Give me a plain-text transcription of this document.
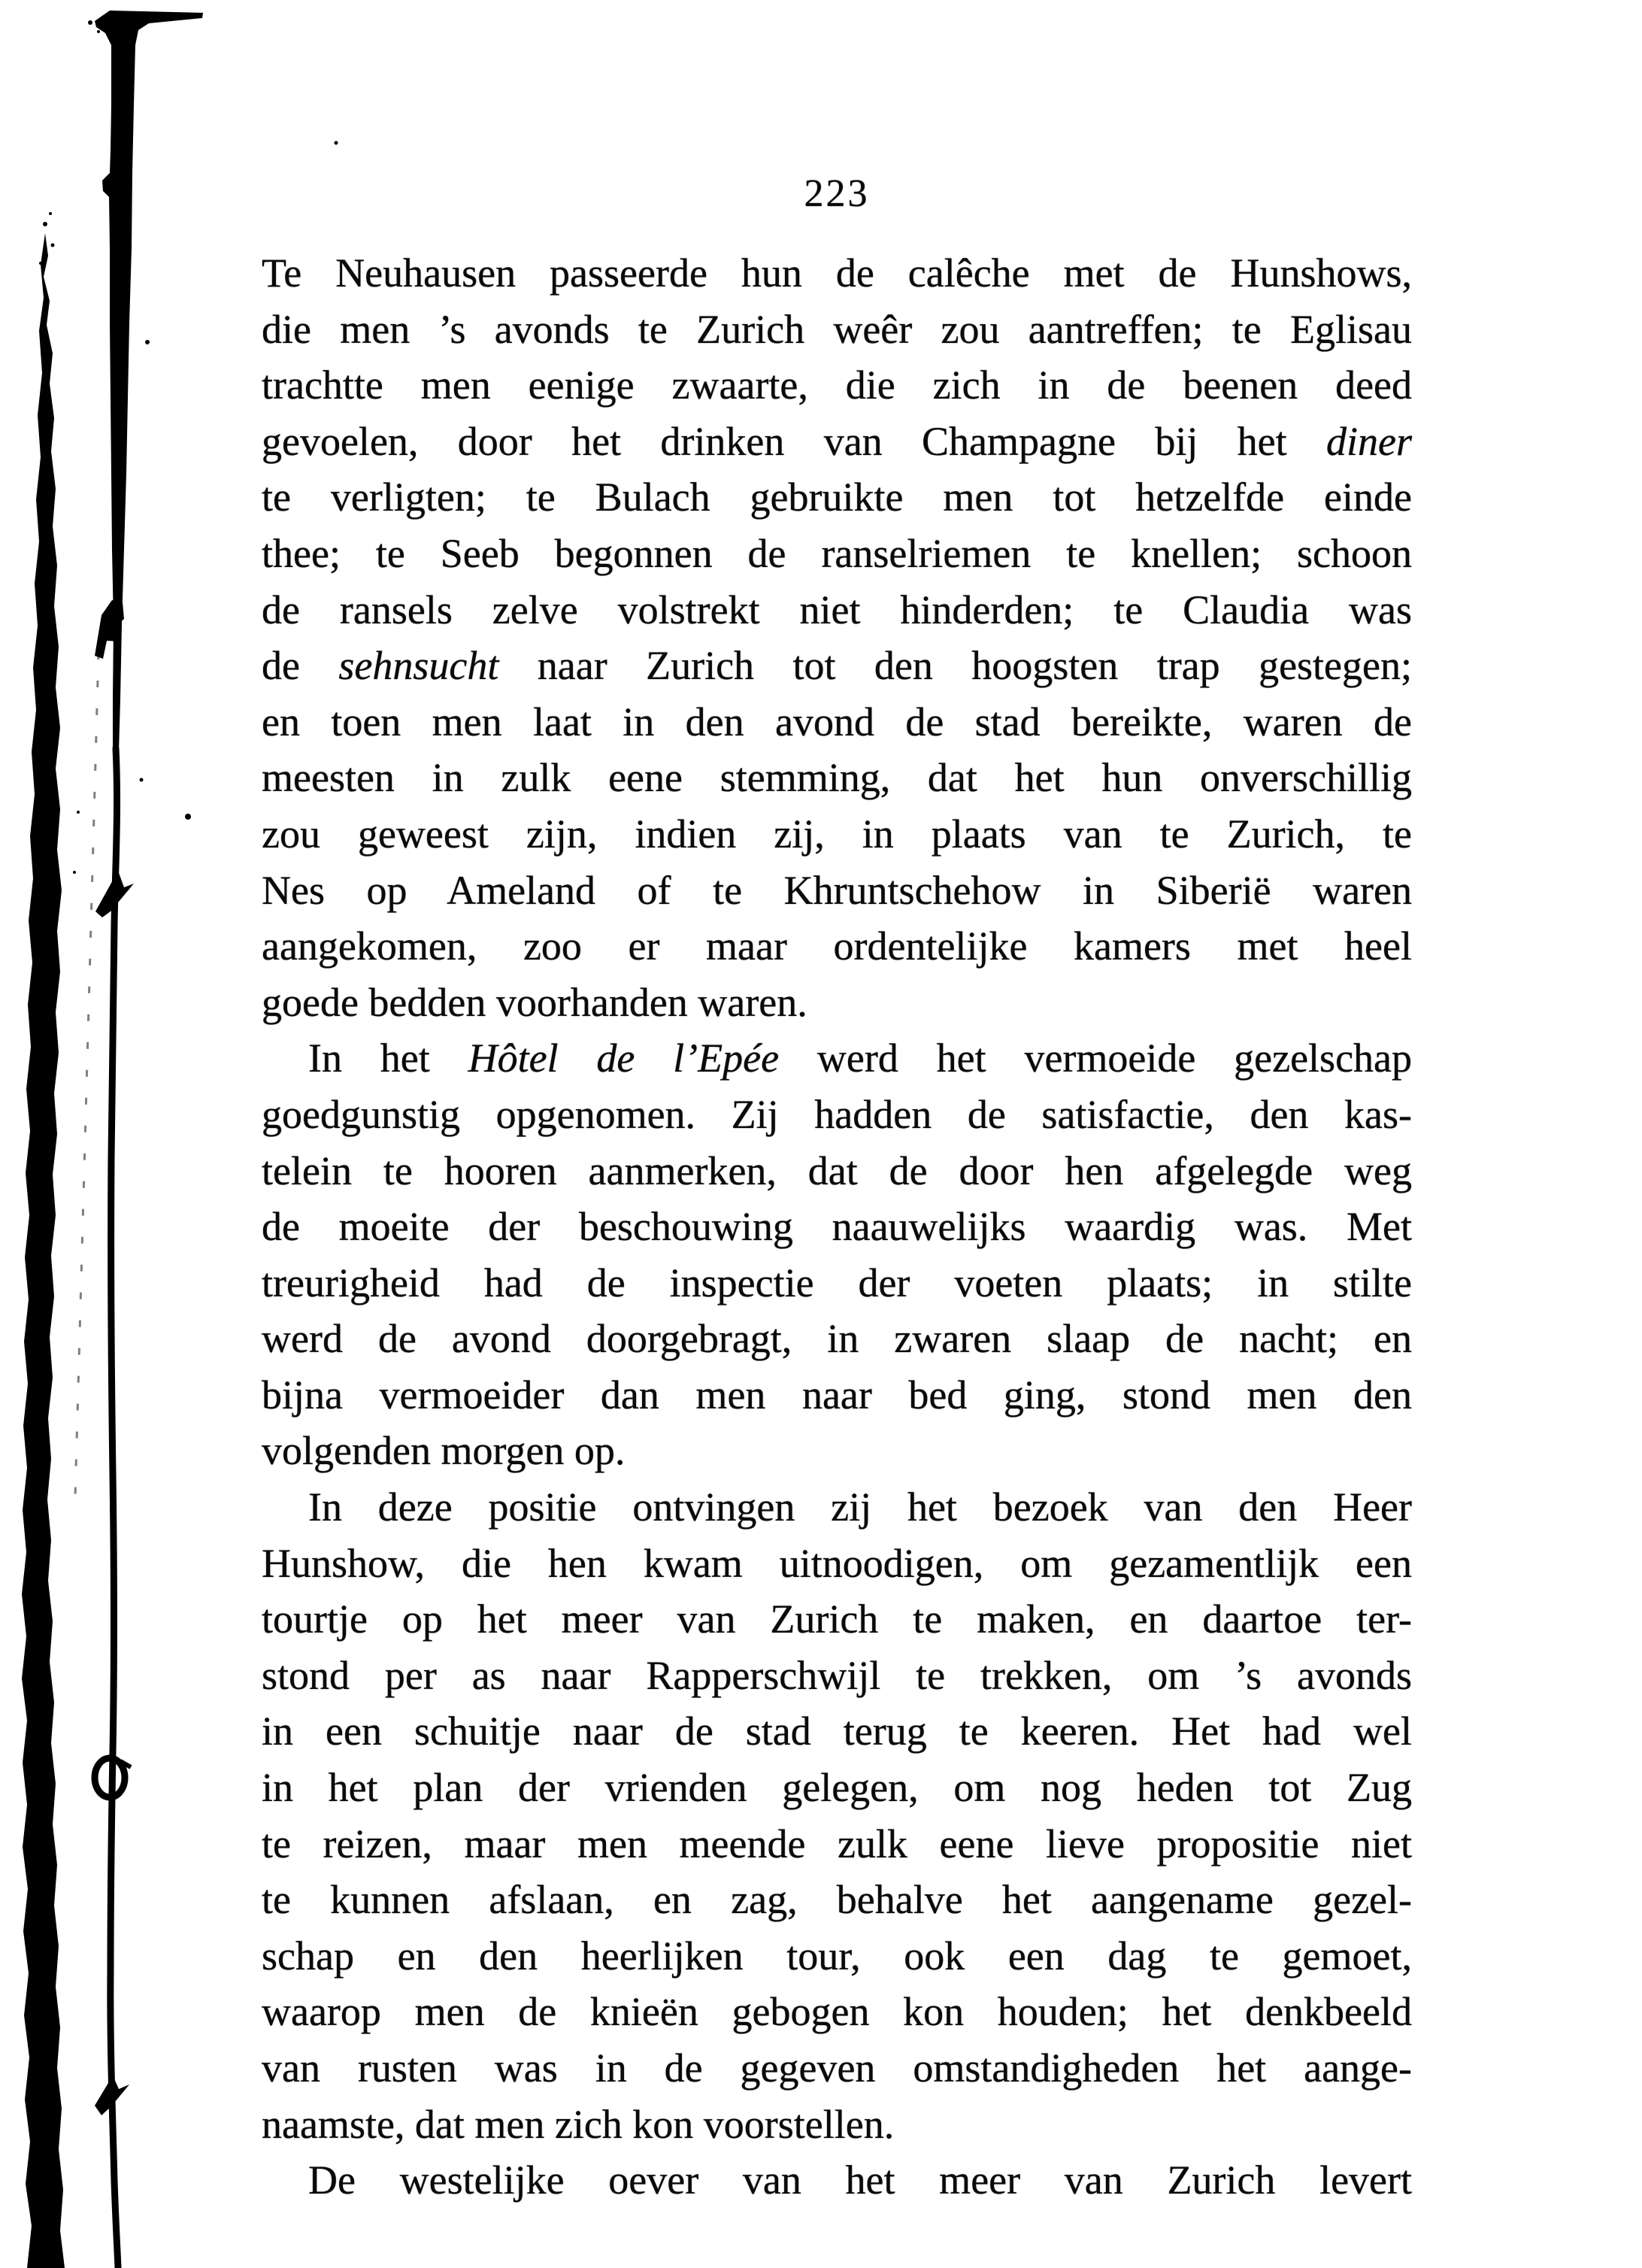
223
Te Neuhausen passeerde hun de calêche met de Hunshows,
die men ’s avonds te Zurich weêr zou aantreffen; te Eglisau
trachtte men eenige zwaarte, die zich in de beenen deed
gevoelen, door het drinken van Champagne bij het diner
te verligten; te Bulach gebruikte men tot hetzelfde einde
thee; te Seeb begonnen de ranselriemen te knellen; schoon
de ransels zelve volstrekt niet hinderden; te Claudia was
de sehnsucht naar Zurich tot den hoogsten trap gestegen;
en toen men laat in den avond de stad bereikte, waren de
meesten in zulk eene stemming, dat het hun onverschillig
zou geweest zijn, indien zij, in plaats van te Zurich, te
Nes op Ameland of te Khruntschehow in Siberië waren
aangekomen, zoo er maar ordentelijke kamers met heel
goede bedden voorhanden waren.
In het Hôtel de l’Epée werd het vermoeide gezelschap
goedgunstig opgenomen. Zij hadden de satisfactie, den kas-
telein te hooren aanmerken, dat de door hen afgelegde weg
de moeite der beschouwing naauwelijks waardig was. Met
treurigheid had de inspectie der voeten plaats; in stilte
werd de avond doorgebragt, in zwaren slaap de nacht; en
bijna vermoeider dan men naar bed ging, stond men den
volgenden morgen op.
In deze positie ontvingen zij het bezoek van den Heer
Hunshow, die hen kwam uitnoodigen, om gezamentlijk een
tourtje op het meer van Zurich te maken, en daartoe ter-
stond per as naar Rapperschwijl te trekken, om ’s avonds
in een schuitje naar de stad terug te keeren. Het had wel
in het plan der vrienden gelegen, om nog heden tot Zug
te reizen, maar men meende zulk eene lieve propositie niet
te kunnen afslaan, en zag, behalve het aangename gezel-
schap en den heerlijken tour, ook een dag te gemoet,
waarop men de knieën gebogen kon houden; het denkbeeld
van rusten was in de gegeven omstandigheden het aange-
naamste, dat men zich kon voorstellen.
De westelijke oever van het meer van Zurich levert
